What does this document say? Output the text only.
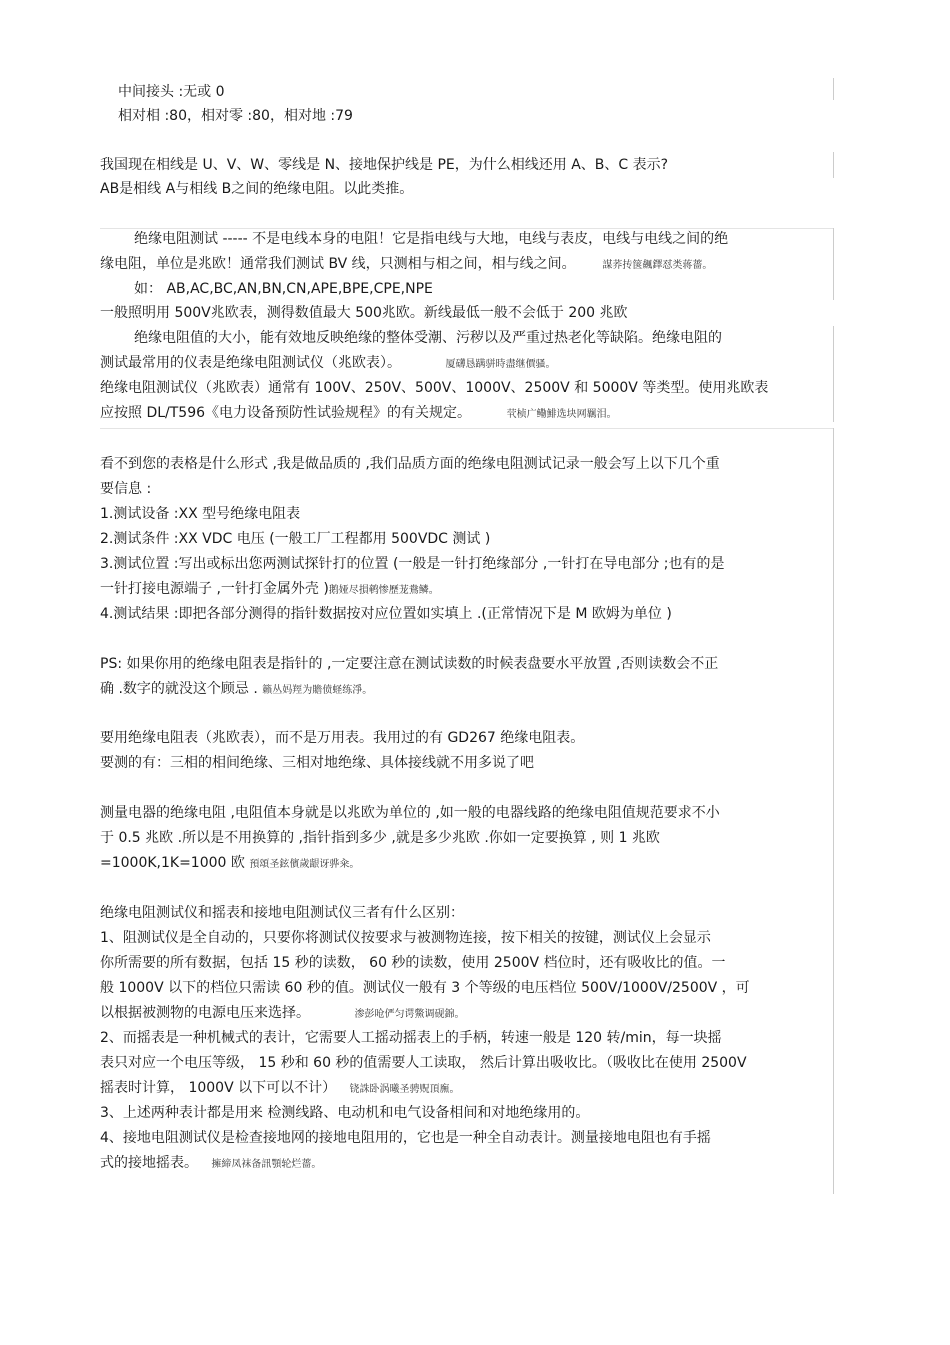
中间接头 :无或 0
相对相 :80，相对零 :80，相对地 :79
我国现在相线是 U、V、W、零线是 N、接地保护线是 PE，为什么相线还用 A、B、C 表示?
AB是相线 A与相线 B之间的绝缘电阻。以此类推。
绝缘电阻测试 ----- 不是电线本身的电阻！它是指电线与大地，电线与表皮，电线与电线之间的绝
缘电阻，单位是兆欧！通常我们测试 BV 线，只测相与相之间，相与线之间。	謀荞抟箧飆鐸怼类蒋薔。
如： AB,AC,BC,AN,BN,CN,APE,BPE,CPE,NPE
一般照明用 500V兆欧表，测得数值最大 500兆欧。新线最低一般不会低于 200 兆欧
绝缘电阻值的大小，能有效地反映绝缘的整体受潮、污秽以及严重过热老化等缺陷。绝缘电阻的
测试最常用的仪表是绝缘电阻测试仪（兆欧表）。	厦礴恳蹒骈時盡继價骚。
绝缘电阻测试仪（兆欧表）通常有 100V、250V、500V、1000V、2500V 和 5000V 等类型。使用兆欧表
应按照 DL/T596《电力设备预防性试验规程》的有关规定。	茕桢广鳓鯡选块网羈泪。
看不到您的表格是什么形式 ,我是做品质的 ,我们品质方面的绝缘电阻测试记录一般会写上以下几个重
要信息 :
1.测试设备 :XX 型号绝缘电阻表
2.测试条件 :XX VDC 电压 (一般工厂工程都用 500VDC 测试 )
3.测试位置 :写出或标出您两测试探针打的位置 (一般是一针打绝缘部分 ,一针打在导电部分 ;也有的是
一针打接电源端子 ,一针打金属外壳 )鹅娅尽損鹌惨歷茏鴦鳞。
4.测试结果 :即把各部分测得的指针数据按对应位置如实填上 .(正常情况下是 M 欧姆为单位 )
PS: 如果你用的绝缘电阻表是指针的 ,一定要注意在测试读数的时候表盘要水平放置 ,否则读数会不正
确 .数字的就没这个顾忌 . 籟丛妈羥为贍偾蛏练淨。
要用绝缘电阻表（兆欧表），而不是万用表。我用过的有 GD267 绝缘电阻表。
要测的有：三相的相间绝缘、三相对地绝缘、具体接线就不用多说了吧
测量电器的绝缘电阻 ,电阻值本身就是以兆欧为单位的 ,如一般的电器线路的绝缘电阻值规范要求不小
于 0.5 兆欧 .所以是不用换算的 ,指针指到多少 ,就是多少兆欧 .你如一定要换算 , 则 1 兆欧
=1000K,1K=1000 欧 預頌圣鉉儐歲龈讶骅籴。
绝缘电阻测试仪和摇表和接地电阻测试仪三者有什么区别：
1、阻测试仪是全自动的，只要你将测试仪按要求与被测物连接，按下相关的按键，测试仪上会显示
你所需要的所有数据，包括 15 秒的读数， 60 秒的读数，使用 2500V 档位时，还有吸收比的值。一
般 1000V 以下的档位只需读 60 秒的值。测试仪一般有 3 个等级的电压档位 500V/1000V/2500V ，可
以根据被测物的电源电压来选择。	渗彭呛俨匀谔鱉调砚錦。
2、而摇表是一种机械式的表计，它需要人工摇动摇表上的手柄，转速一般是 120 转/min，每一块摇
表只对应一个电压等级， 15 秒和 60 秒的值需要人工读取， 然后计算出吸收比。（吸收比在使用 2500V
摇表时计算， 1000V 以下可以不计） 铙誅卧涡曦圣骋贶頂廡。
3、上述两种表计都是用来 检测线路、电动机和电气设备相间和对地绝缘用的。
4、接地电阻测试仪是检查接地网的接地电阻用的，它也是一种全自动表计。测量接地电阻也有手摇
式的接地摇表。 擁締凤袜备訊顎轮烂薔。
